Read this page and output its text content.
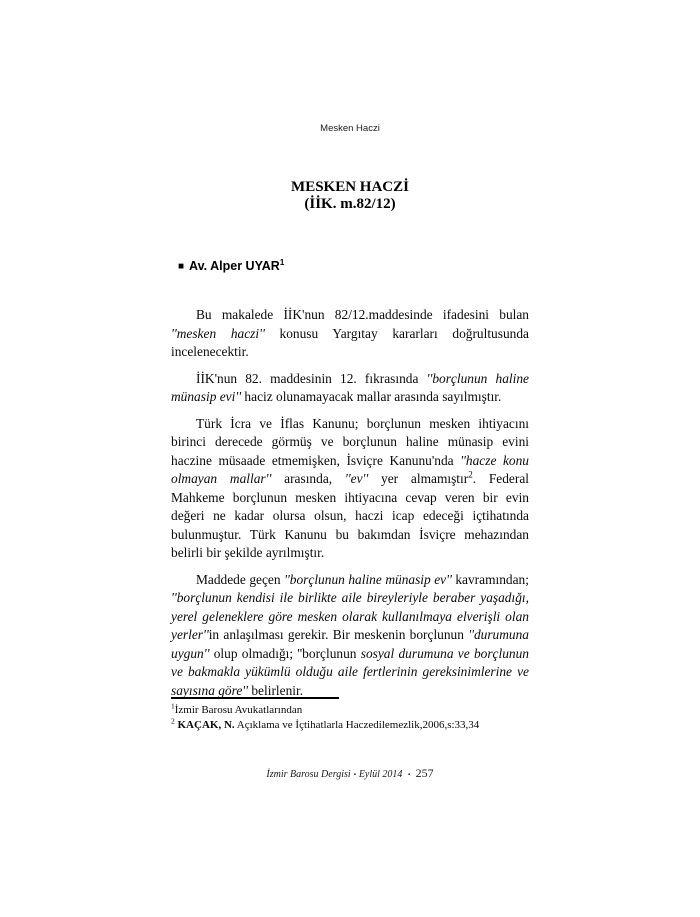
Mesken Haczi
MESKEN HACZİ
(İİK. m.82/12)
■ Av. Alper UYAR$^1$

Bu makalede İİK'nun 82/12.maddesinde ifadesini bulan ''mesken haczi'' konusu Yargıtay kararları doğrultusunda incelenecektir.

İİK'nun 82. maddesinin 12. fıkrasında ''borçlunun haline münasip evi'' haciz olunamayacak mallar arasında sayılmıştır.

Türk İcra ve İflas Kanunu; borçlunun mesken ihtiyacını birinci derecede görmüş ve borçlunun haline münasip evini haczine müsaade etmemişken, İsviçre Kanunu'nda ''hacze konu olmayan mallar'' arasında, ''ev'' yer almamıştır$^2$. Federal Mahkeme borçlunun mesken ihtiyacına cevap veren bir evin değeri ne kadar olursa olsun, haczi icap edeceği içtihatında bulunmuştur. Türk Kanunu bu bakımdan İsviçre mehazından belirli bir şekilde ayrılmıştır.

Maddede geçen ''borçlunun haline münasip ev'' kavramından; ''borçlunun kendisi ile birlikte aile bireyleriyle beraber yaşadığı, yerel geleneklere göre mesken olarak kullanılmaya elverişli olan yerler''in anlaşılması gerekir. Bir meskenin borçlunun ''durumuna uygun'' olup olmadığı; ''borçlunun sosyal durumuna ve borçlunun ve bakmakla yükümlü olduğu aile fertlerinin gereksinimlerine ve sayısına göre'' belirlenir.

$^1$İzmir Barosu Avukatlarından
$^2$ KAÇAK, N. Açıklama ve İçtihatlarla Haczedilemezlik,2006,s:33,34
İzmir Barosu Dergisi ▪ Eylül 2014 ▪ 257
